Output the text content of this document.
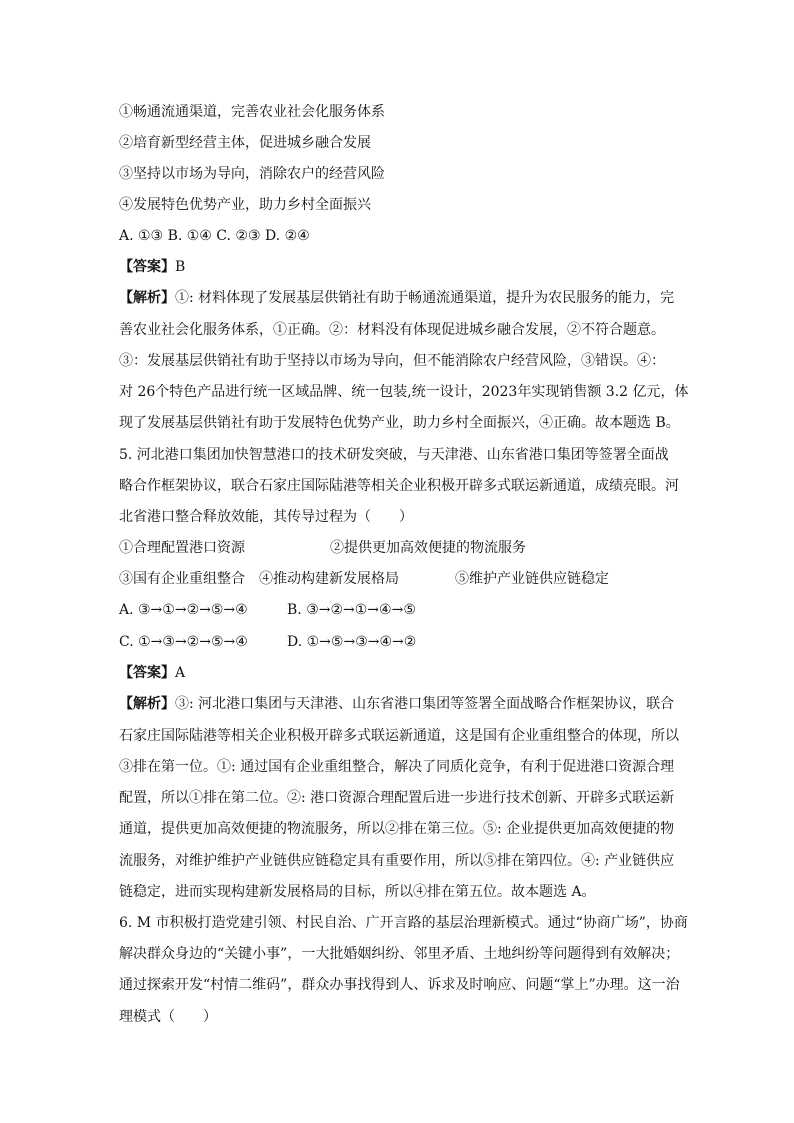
①畅通流通渠道，完善农业社会化服务体系
②培育新型经营主体，促进城乡融合发展
③坚持以市场为导向，消除农户的经营风险
④发展特色优势产业，助力乡村全面振兴
A. ①③ B. ①④ C. ②③ D. ②④
【答案】B
【解析】①: 材料体现了发展基层供销社有助于畅通流通渠道，提升为农民服务的能力，完
善农业社会化服务体系，①正确。②：材料没有体现促进城乡融合发展，②不符合题意。
③：发展基层供销社有助于坚持以市场为导向，但不能消除农户经营风险，③错误。④：
对 26个特色产品进行统一区域品牌、统一包装,统一设计，2023年实现销售额 3.2 亿元，体
现了发展基层供销社有助于发展特色优势产业，助力乡村全面振兴，④正确。故本题选 B。
5. 河北港口集团加快智慧港口的技术研发突破，与天津港、山东省港口集团等签署全面战
略合作框架协议，联合石家庄国际陆港等相关企业积极开辟多式联运新通道，成绩亮眼。河
北省港口整合释放效能，其传导过程为（　　）
①合理配置港口资源	②提供更加高效便捷的物流服务
③国有企业重组整合 ④推动构建新发展格局	⑤维护产业链供应链稳定
A. ③→①→②→⑤→④	B. ③→②→①→④→⑤
C. ①→③→②→⑤→④	D. ①→⑤→③→④→②
【答案】A
【解析】③: 河北港口集团与天津港、山东省港口集团等签署全面战略合作框架协议，联合
石家庄国际陆港等相关企业积极开辟多式联运新通道，这是国有企业重组整合的体现，所以
③排在第一位。①: 通过国有企业重组整合，解决了同质化竞争，有利于促进港口资源合理
配置，所以①排在第二位。②: 港口资源合理配置后进一步进行技术创新、开辟多式联运新
通道，提供更加高效便捷的物流服务，所以②排在第三位。⑤: 企业提供更加高效便捷的物
流服务，对维护维护产业链供应链稳定具有重要作用，所以⑤排在第四位。④: 产业链供应
链稳定，进而实现构建新发展格局的目标，所以④排在第五位。故本题选 A。
6. M 市积极打造党建引领、村民自治、广开言路的基层治理新模式。通过“协商广场”，协商
解决群众身边的“关键小事”，一大批婚姻纠纷、邻里矛盾、土地纠纷等问题得到有效解决；
通过探索开发“村情二维码”，群众办事找得到人、诉求及时响应、问题“掌上”办理。这一治
理模式（　　）
